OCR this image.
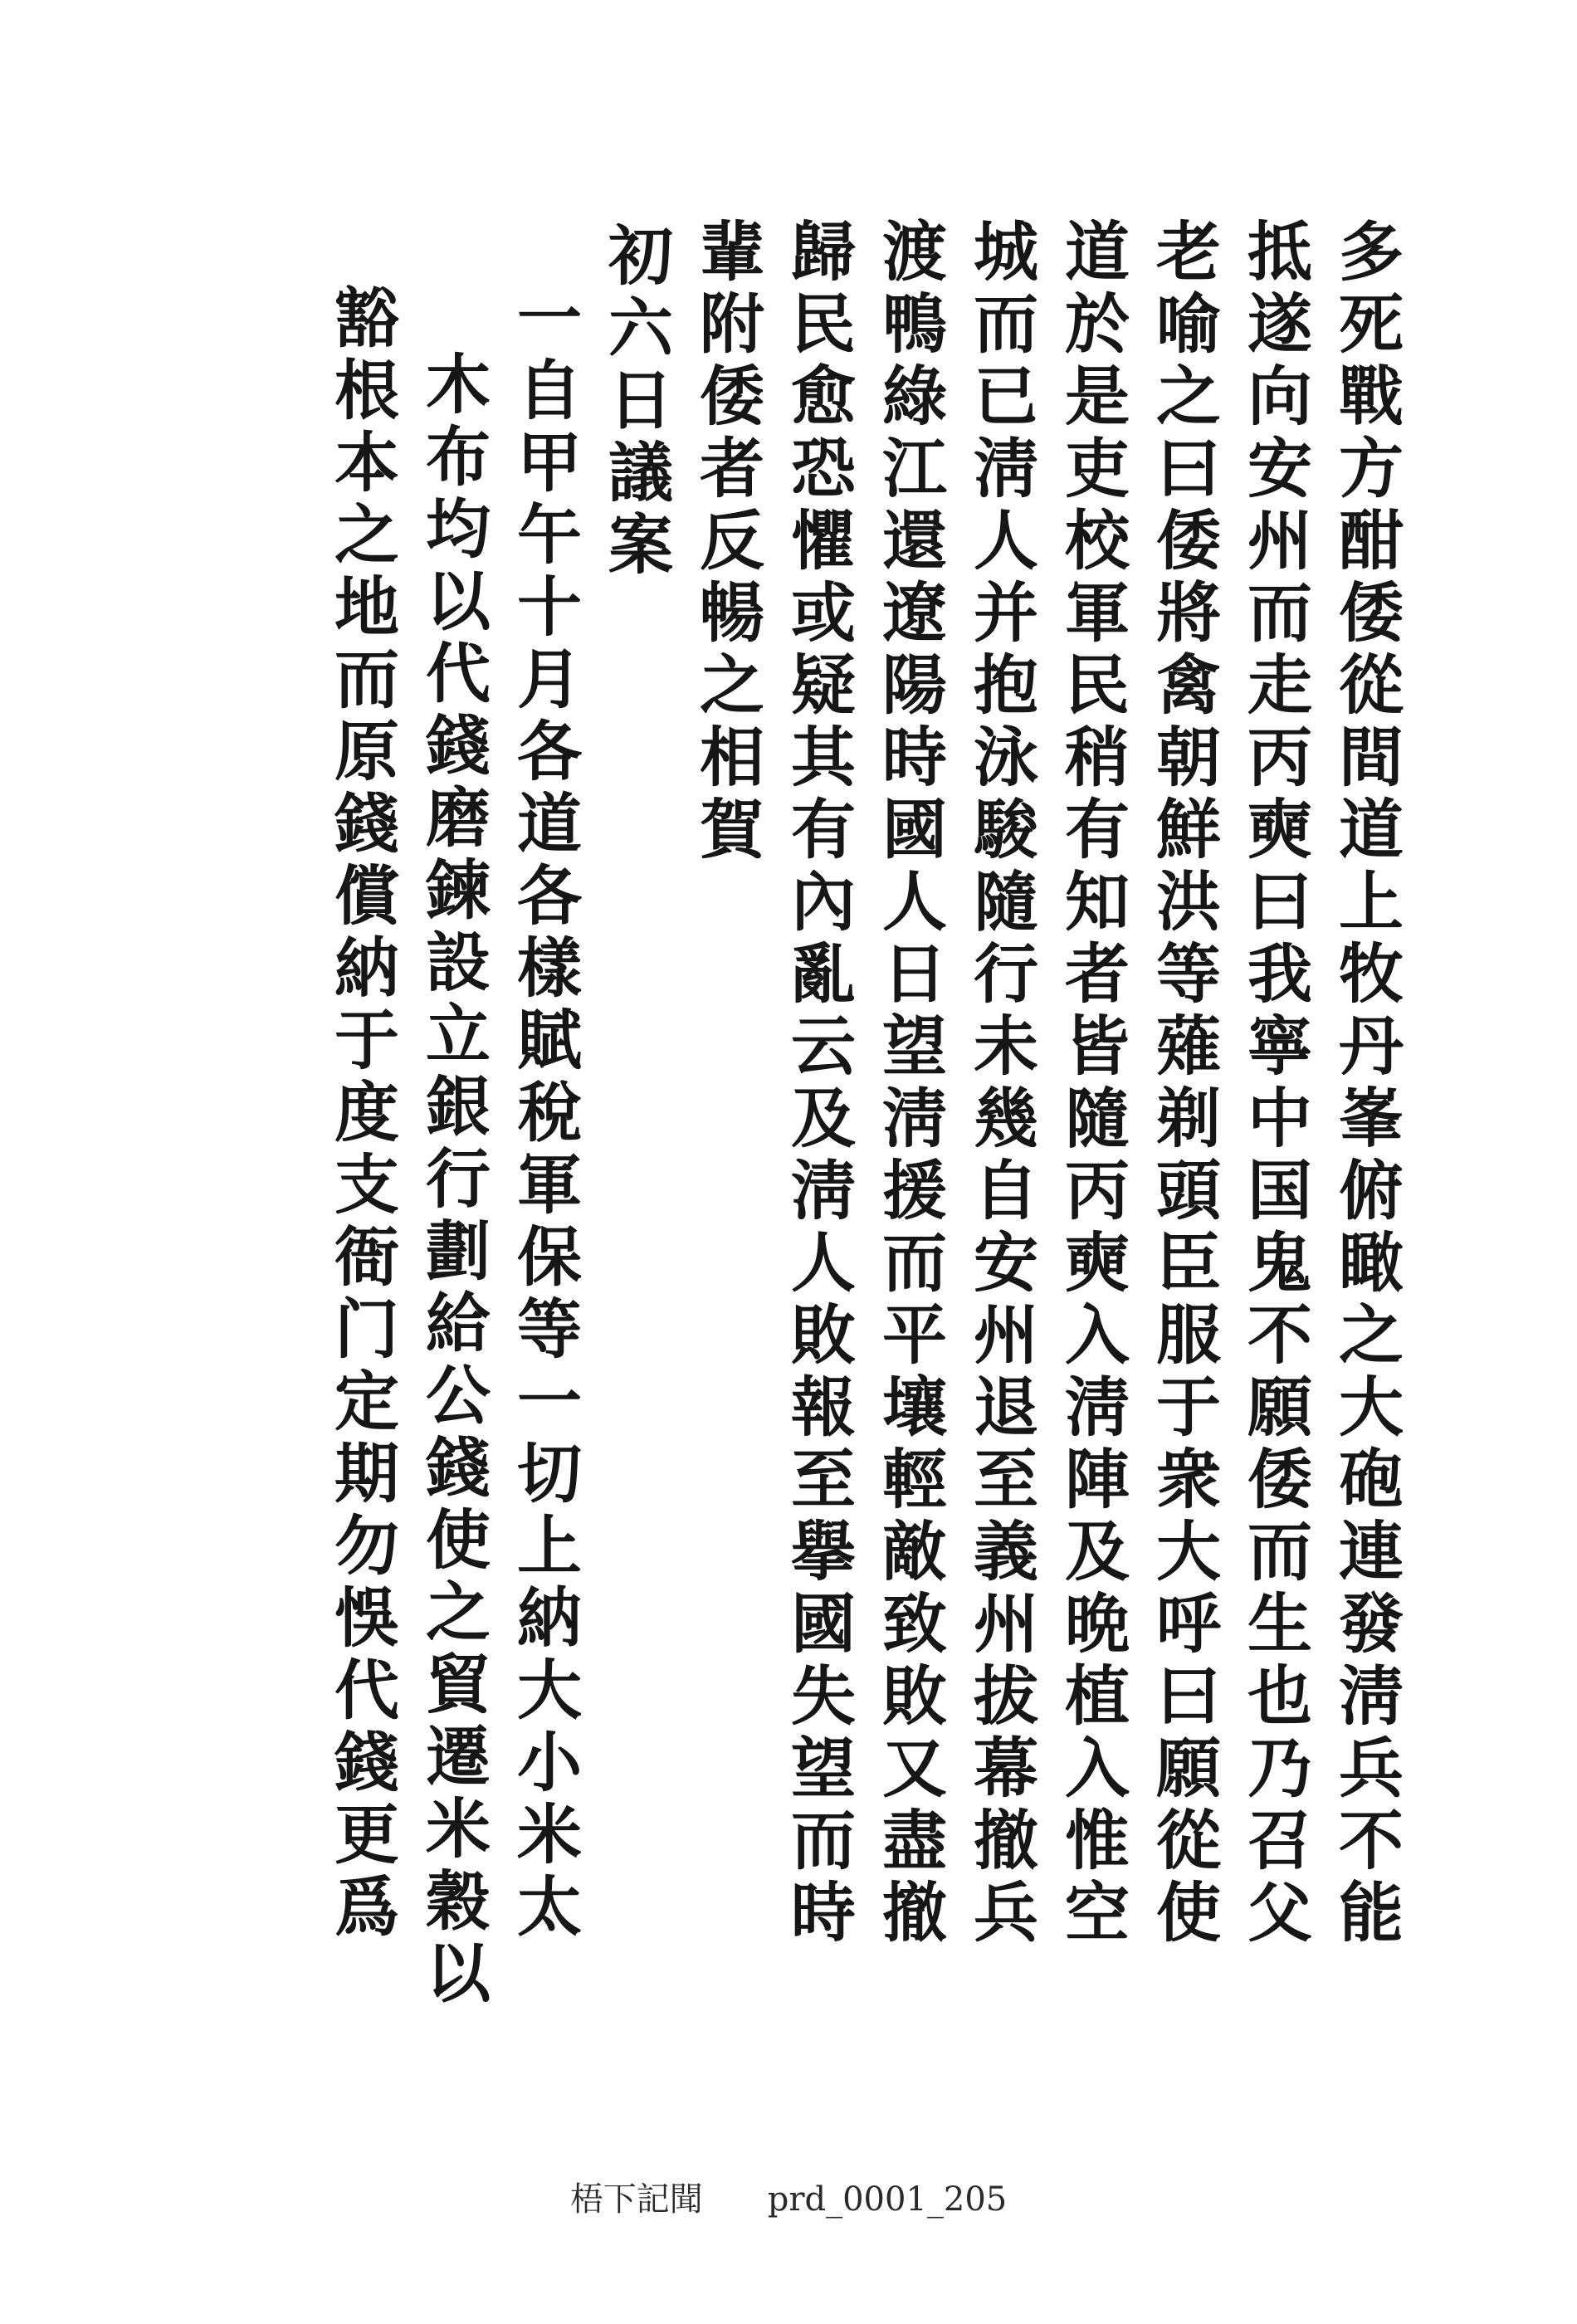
多死戰方酣倭從間道上牧丹峯俯瞰之大砲連發淸兵不能
抵遂向安州而走丙奭曰我寧中国鬼不願倭而生也乃召父
老喻之曰倭將禽朝鮮洪等薙剃頭臣服于衆大呼曰願從使
道於是吏校軍民稍有知者皆隨丙奭入淸陣及晩植入惟空
城而已淸人并抱泳駿隨行未幾自安州退至義州拔幕撤兵
渡鴨綠江還遼陽時國人日望淸援而平壤輕敵致敗又盡撤
歸民愈恐懼或疑其有內亂云及淸人敗報至擧國失望而時
輩附倭者反暢之相賀
初六日議案
一自甲午十月各道各樣賦稅軍保等一切上納大小米太
木布均以代錢磨鍊設立銀行劃給公錢使之貿遷米穀以
豁根本之地而原錢償納于度支衙门定期勿悞代錢更爲
梧下記聞 prd_0001_205
